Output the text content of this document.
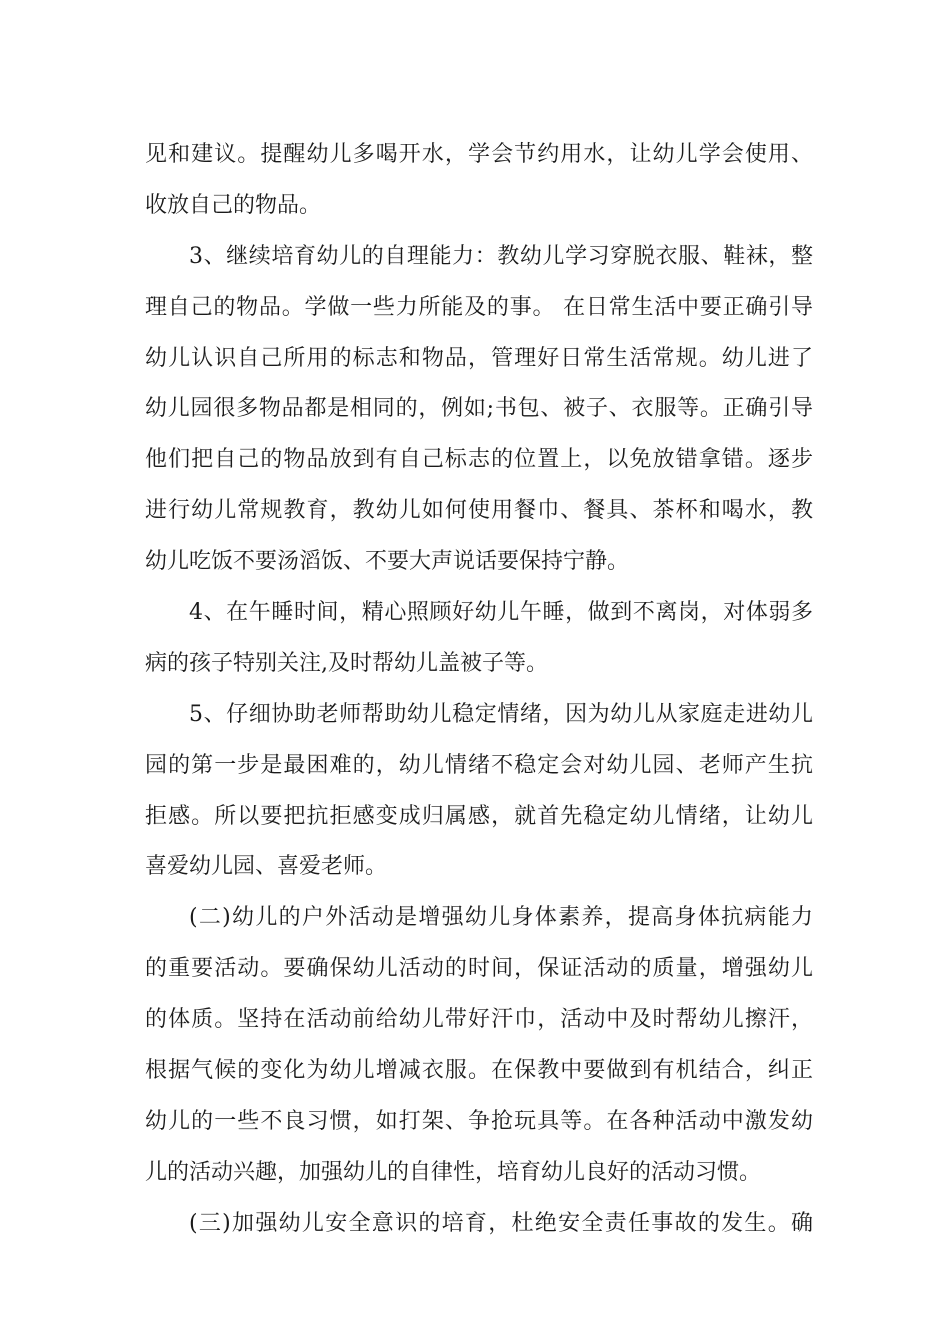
见和建议。提醒幼儿多喝开水，学会节约用水，让幼儿学会使用、
收放自己的物品。
3、继续培育幼儿的自理能力：教幼儿学习穿脱衣服、鞋袜，整
理自己的物品。学做一些力所能及的事。 在日常生活中要正确引导
幼儿认识自己所用的标志和物品，管理好日常生活常规。幼儿进了
幼儿园很多物品都是相同的，例如;书包、被子、衣服等。正确引导
他们把自己的物品放到有自己标志的位置上，以免放错拿错。逐步
进行幼儿常规教育，教幼儿如何使用餐巾、餐具、茶杯和喝水，教
幼儿吃饭不要汤滔饭、不要大声说话要保持宁静。
4、在午睡时间，精心照顾好幼儿午睡，做到不离岗，对体弱多
病的孩子特别关注,及时帮幼儿盖被子等。
5、仔细协助老师帮助幼儿稳定情绪，因为幼儿从家庭走进幼儿
园的第一步是最困难的，幼儿情绪不稳定会对幼儿园、老师产生抗
拒感。所以要把抗拒感变成归属感，就首先稳定幼儿情绪，让幼儿
喜爱幼儿园、喜爱老师。
(二)幼儿的户外活动是增强幼儿身体素养，提高身体抗病能力
的重要活动。要确保幼儿活动的时间，保证活动的质量，增强幼儿
的体质。坚持在活动前给幼儿带好汗巾，活动中及时帮幼儿擦汗，
根据气候的变化为幼儿增减衣服。在保教中要做到有机结合，纠正
幼儿的一些不良习惯，如打架、争抢玩具等。在各种活动中激发幼
儿的活动兴趣，加强幼儿的自律性，培育幼儿良好的活动习惯。
(三)加强幼儿安全意识的培育，杜绝安全责任事故的发生。确
